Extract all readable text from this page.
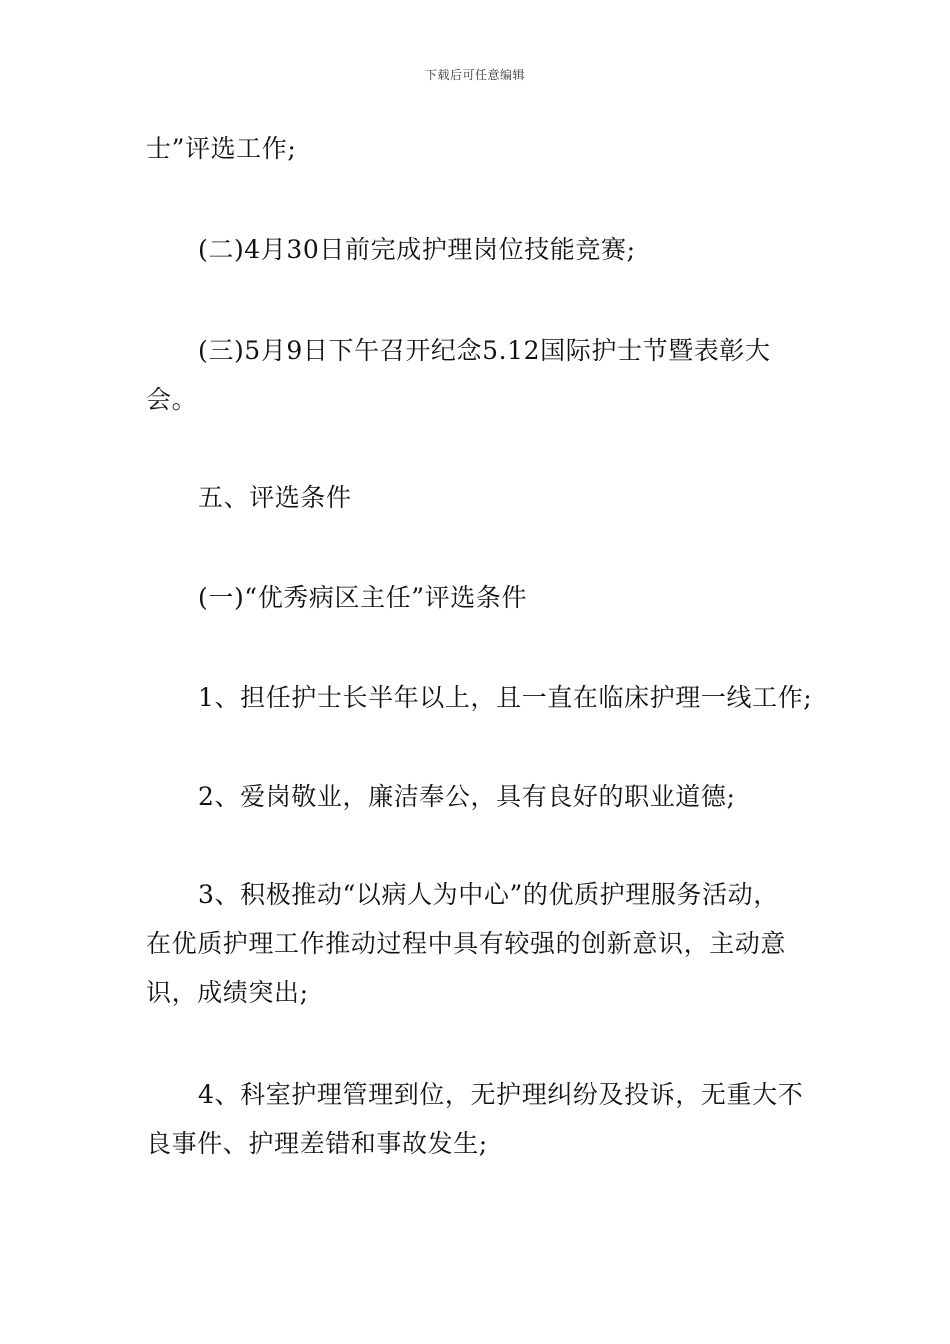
下载后可任意编辑
士”评选工作;
(二)4月30日前完成护理岗位技能竞赛;
(三)5月9日下午召开纪念5.12国际护士节暨表彰大
会。
五、评选条件
(一)“优秀病区主任”评选条件
1、担任护士长半年以上，且一直在临床护理一线工作;
2、爱岗敬业，廉洁奉公，具有良好的职业道德;
3、积极推动“以病人为中心”的优质护理服务活动，
在优质护理工作推动过程中具有较强的创新意识，主动意
识，成绩突出;
4、科室护理管理到位，无护理纠纷及投诉，无重大不
良事件、护理差错和事故发生;
